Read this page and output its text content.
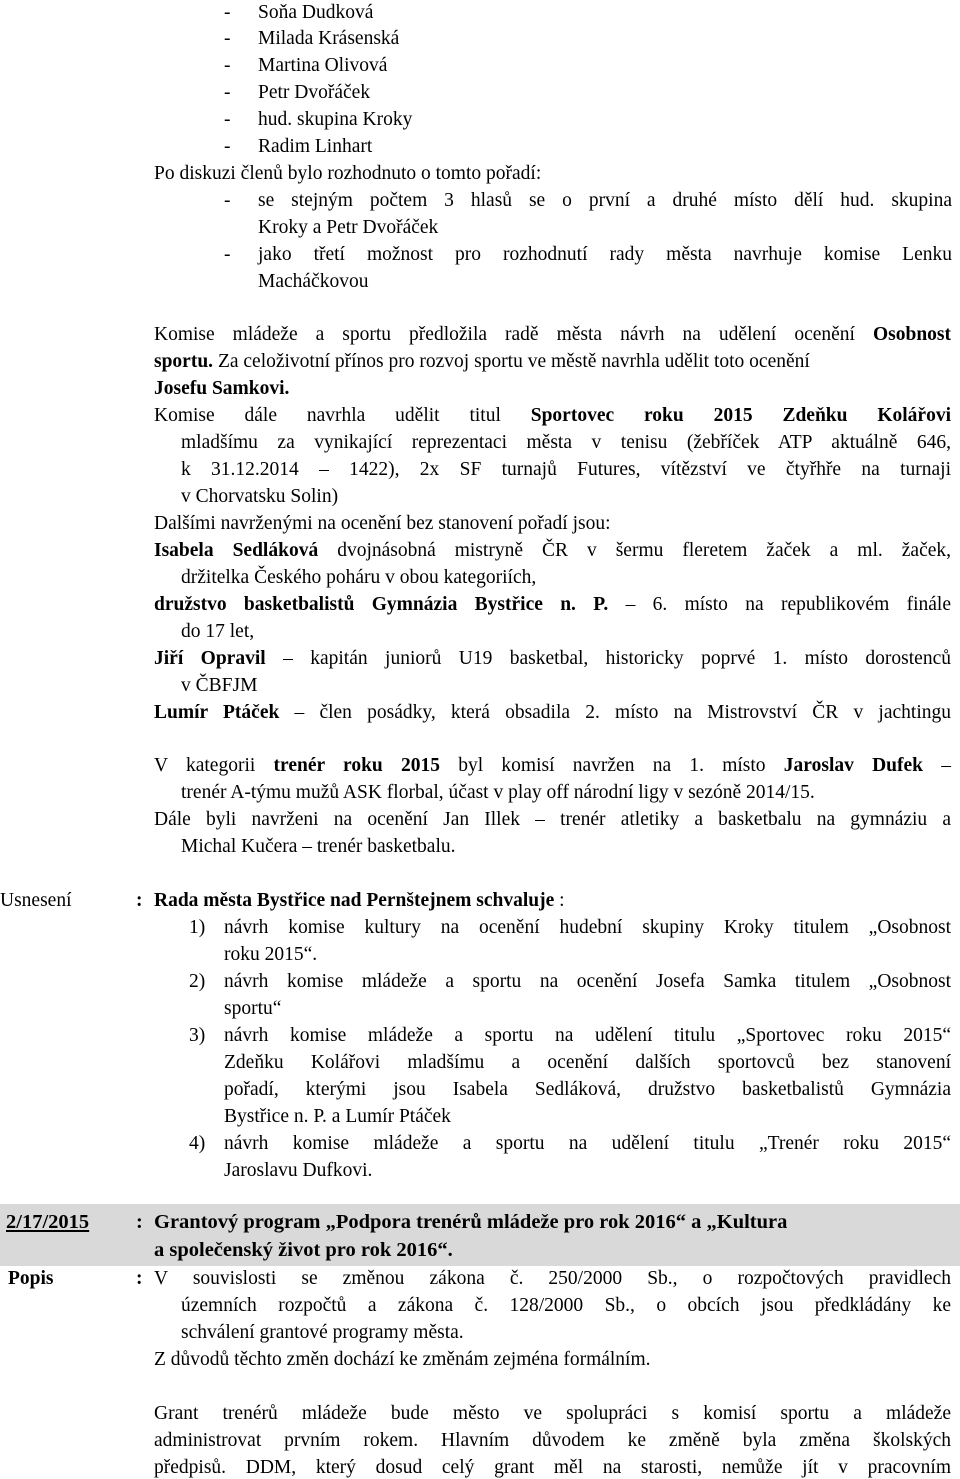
- Soňa Dudková
- Milada Krásenská
- Martina Olivová
- Petr Dvořáček
- hud. skupina Kroky
- Radim Linhart
Po diskuzi členů bylo rozhodnuto o tomto pořadí:
- se stejným počtem 3 hlasů se o první a druhé místo dělí hud. skupina
Kroky a Petr Dvořáček
- jako třetí možnost pro rozhodnutí rady města navrhuje komise Lenku
Macháčkovou
Komise mládeže a sportu předložila radě města návrh na udělení ocenění Osobnost
sportu. Za celoživotní přínos pro rozvoj sportu ve městě navrhla udělit toto ocenění
Josefu Samkovi.
Komise dále navrhla udělit titul Sportovec roku 2015 Zdeňku Kolářovi
mladšímu za vynikající reprezentaci města v tenisu (žebříček ATP aktuálně 646,
k 31.12.2014 – 1422), 2x SF turnajů Futures, vítězství ve čtyřhře na turnaji
v Chorvatsku Solin)
Dalšími navrženými na ocenění bez stanovení pořadí jsou:
Isabela Sedláková dvojnásobná mistryně ČR v šermu fleretem žaček a ml. žaček,
držitelka Českého poháru v obou kategoriích,
družstvo basketbalistů Gymnázia Bystřice n. P. – 6. místo na republikovém finále
do 17 let,
Jiří Opravil – kapitán juniorů U19 basketbal, historicky poprvé 1. místo dorostenců
v ČBFJM
Lumír Ptáček – člen posádky, která obsadila 2. místo na Mistrovství ČR v jachtingu
V kategorii trenér roku 2015 byl komisí navržen na 1. místo Jaroslav Dufek –
trenér A-týmu mužů ASK florbal, účast v play off národní ligy v sezóně 2014/15.
Dále byli navrženi na ocenění Jan Illek – trenér atletiky a basketbalu na gymnáziu a
Michal Kučera – trenér basketbalu.
Usnesení	: Rada města Bystřice nad Pernštejnem schvaluje :
1) návrh komise kultury na ocenění hudební skupiny Kroky titulem „Osobnost
roku 2015“.
2) návrh komise mládeže a sportu na ocenění Josefa Samka titulem „Osobnost
sportu“
3) návrh komise mládeže a sportu na udělení titulu „Sportovec roku 2015“
Zdeňku Kolářovi mladšímu a ocenění dalších sportovců bez stanovení
pořadí, kterými jsou Isabela Sedláková, družstvo basketbalistů Gymnázia
Bystřice n. P. a Lumír Ptáček
4) návrh komise mládeže a sportu na udělení titulu „Trenér roku 2015“
Jaroslavu Dufkovi.
2/17/2015 : Grantový program „Podpora trenérů mládeže pro rok 2016“ a „Kultura
a společenský život pro rok 2016“.
Popis	: V souvislosti se změnou zákona č. 250/2000 Sb., o rozpočtových pravidlech
územních rozpočtů a zákona č. 128/2000 Sb., o obcích jsou předkládány ke
schválení grantové programy města.
Z důvodů těchto změn dochází ke změnám zejména formálním.
Grant trenérů mládeže bude město ve spolupráci s komisí sportu a mládeže
administrovat prvním rokem. Hlavním důvodem ke změně byla změna školských
předpisů. DDM, který dosud celý grant měl na starosti, nemůže jít v pracovním
